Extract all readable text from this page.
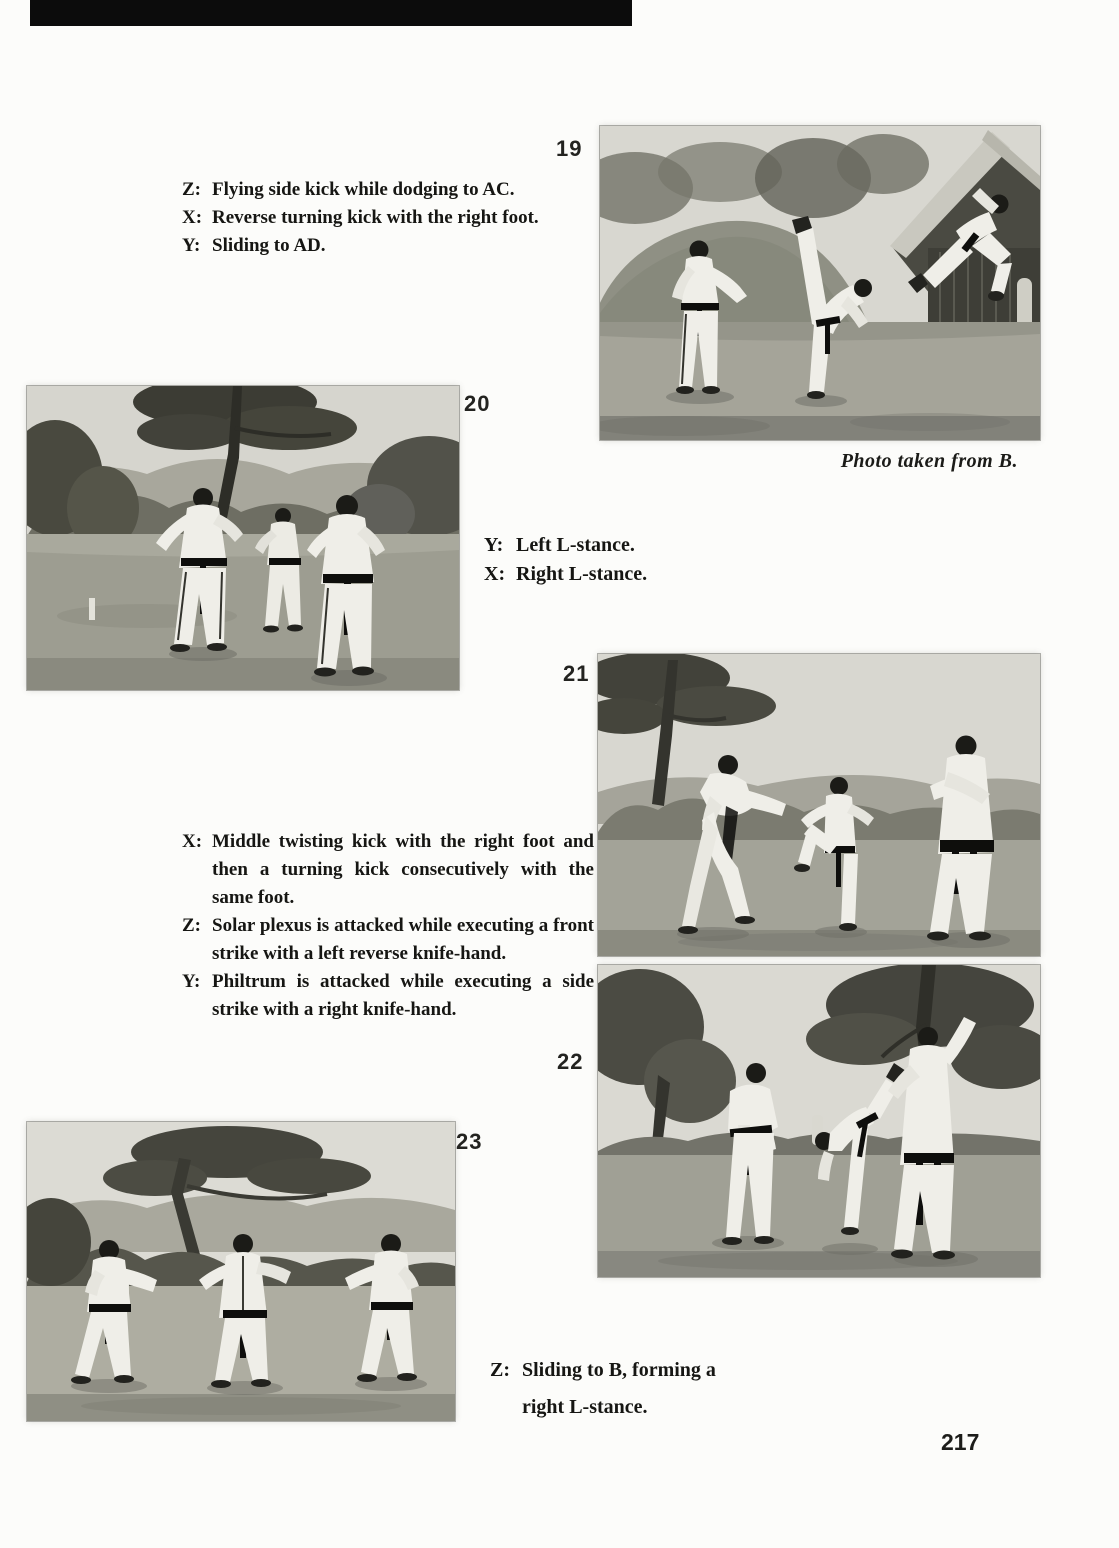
19
20
21
22
23
Z: Flying side kick while dodging to AC.
X: Reverse turning kick with the right foot.
Y: Sliding to AD.
Photo taken from B.
Y: Left L-stance.
X: Right L-stance.
X: Middle twisting kick with the right foot and then a turning kick consecutively with the same foot.
Z: Solar plexus is attacked while executing a front strike with a left reverse knife-hand.
Y: Philtrum is attacked while executing a side strike with a right knife-hand.
Z: Sliding to B, forming a right L-stance.
217
